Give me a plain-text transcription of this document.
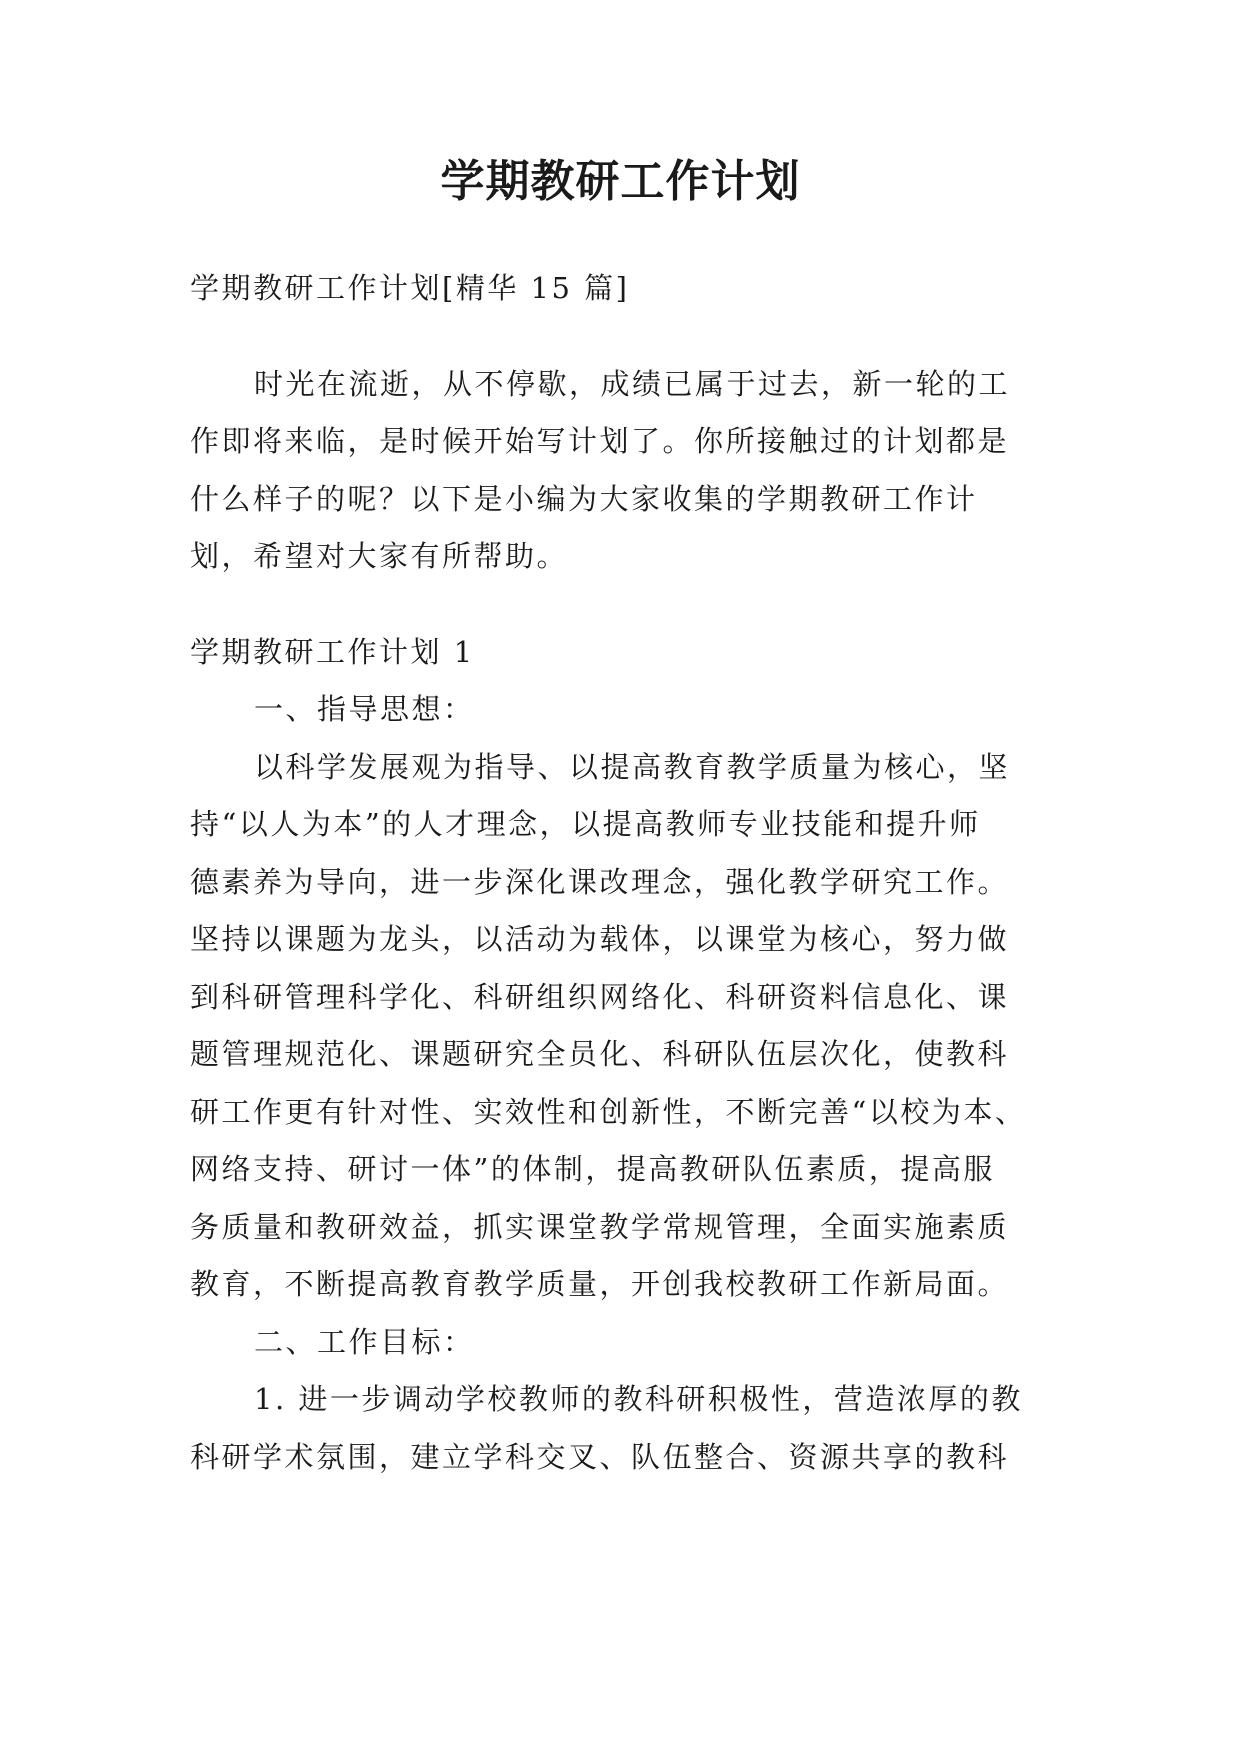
学期教研工作计划
学期教研工作计划[精华 15 篇]
时光在流逝，从不停歇，成绩已属于过去，新一轮的工
作即将来临，是时候开始写计划了。你所接触过的计划都是
什么样子的呢？以下是小编为大家收集的学期教研工作计
划，希望对大家有所帮助。
学期教研工作计划 1
一、指导思想：
以科学发展观为指导、以提高教育教学质量为核心，坚
持“以人为本”的人才理念，以提高教师专业技能和提升师
德素养为导向，进一步深化课改理念，强化教学研究工作。
坚持以课题为龙头，以活动为载体，以课堂为核心，努力做
到科研管理科学化、科研组织网络化、科研资料信息化、课
题管理规范化、课题研究全员化、科研队伍层次化，使教科
研工作更有针对性、实效性和创新性，不断完善“以校为本、
网络支持、研讨一体”的体制，提高教研队伍素质，提高服
务质量和教研效益，抓实课堂教学常规管理，全面实施素质
教育，不断提高教育教学质量，开创我校教研工作新局面。
二、工作目标：
1. 进一步调动学校教师的教科研积极性，营造浓厚的教
科研学术氛围，建立学科交叉、队伍整合、资源共享的教科
